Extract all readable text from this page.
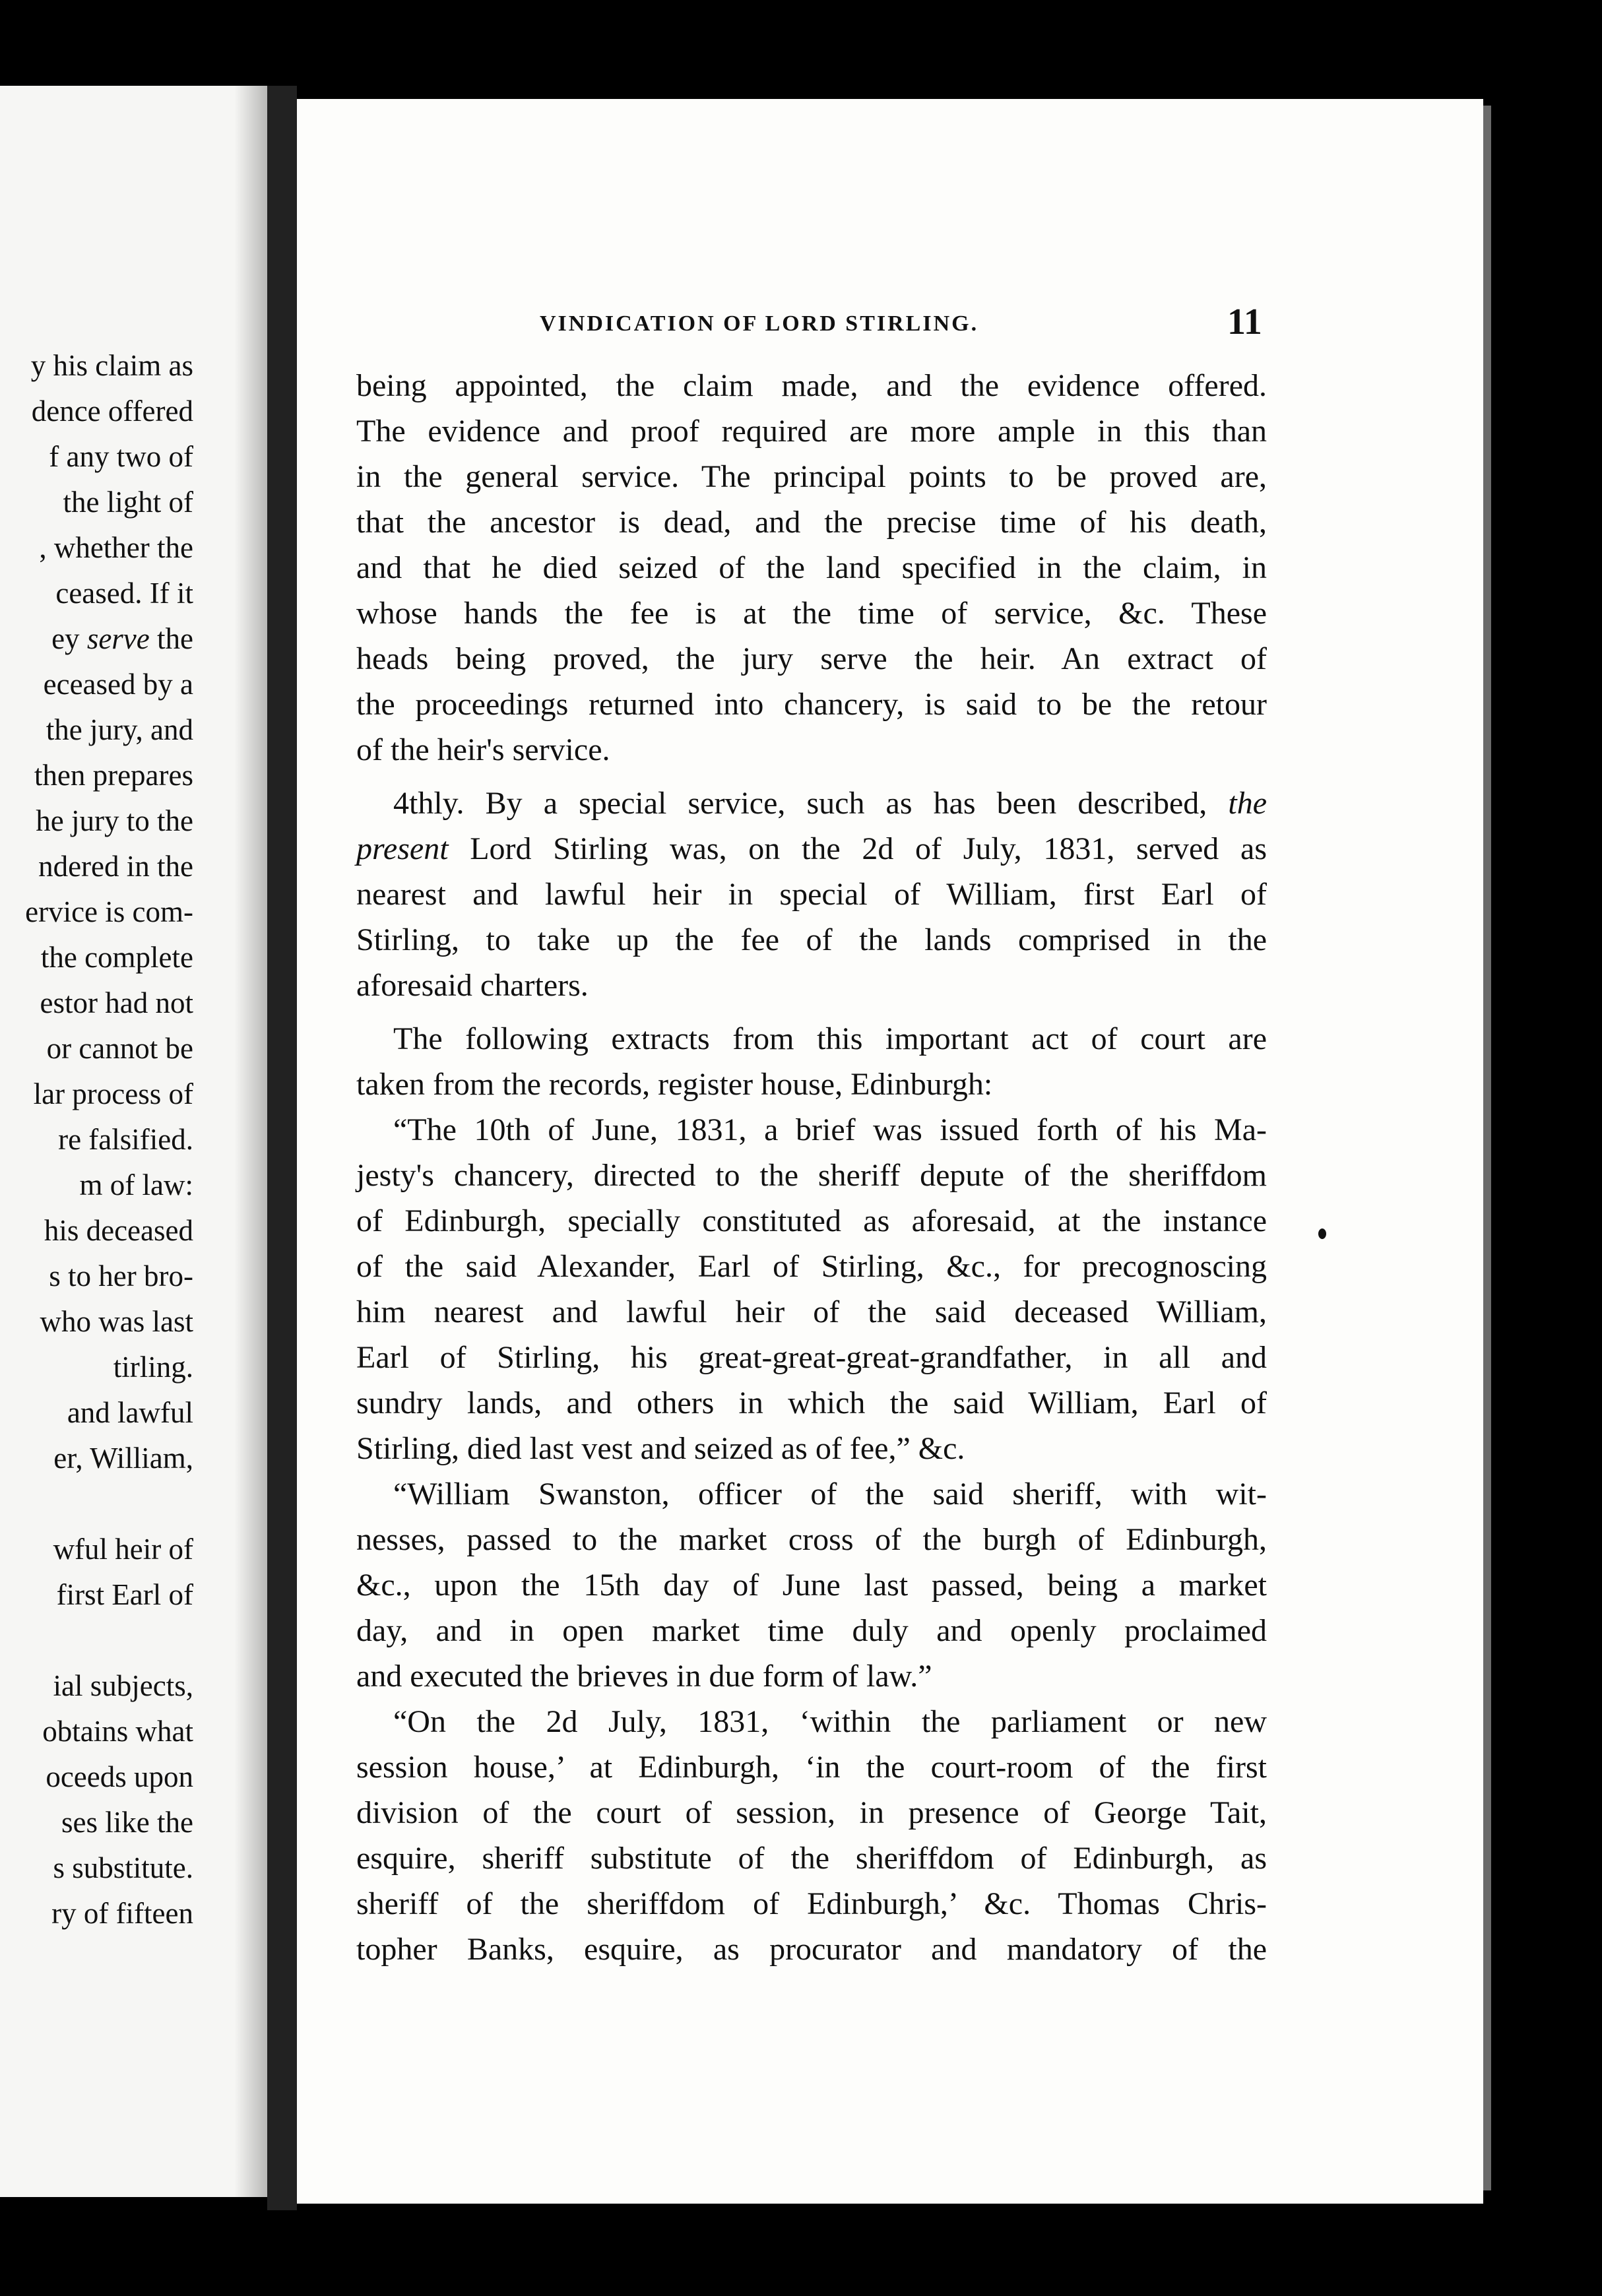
y his claim as
dence offered
f any two of
the light of
, whether the
ceased. If it
ey serve the
eceased by a
the jury, and
then prepares
he jury to the
ndered in the
ervice is com-
the complete
estor had not
or cannot be
lar process of
re falsified.
m of law:
his deceased
s to her bro-
who was last
tirling.
and lawful
er, William,
wful heir of
first Earl of
ial subjects,
obtains what
oceeds upon
ses like the
s substitute.
ry of fifteen
VINDICATION OF LORD STIRLING.	11
being appointed, the claim made, and the evidence offered.
The evidence and proof required are more ample in this than
in the general service. The principal points to be proved are,
that the ancestor is dead, and the precise time of his death,
and that he died seized of the land specified in the claim, in
whose hands the fee is at the time of service, &c. These
heads being proved, the jury serve the heir. An extract of
the proceedings returned into chancery, is said to be the retour
of the heir's service.
4thly. By a special service, such as has been described, the
present Lord Stirling was, on the 2d of July, 1831, served as
nearest and lawful heir in special of William, first Earl of
Stirling, to take up the fee of the lands comprised in the
aforesaid charters.
The following extracts from this important act of court are
taken from the records, register house, Edinburgh:
“The 10th of June, 1831, a brief was issued forth of his Ma-
jesty's chancery, directed to the sheriff depute of the sheriffdom
of Edinburgh, specially constituted as aforesaid, at the instance
of the said Alexander, Earl of Stirling, &c., for precognoscing
him nearest and lawful heir of the said deceased William,
Earl of Stirling, his great-great-great-grandfather, in all and
sundry lands, and others in which the said William, Earl of
Stirling, died last vest and seized as of fee,” &c.
“William Swanston, officer of the said sheriff, with wit-
nesses, passed to the market cross of the burgh of Edinburgh,
&c., upon the 15th day of June last passed, being a market
day, and in open market time duly and openly proclaimed
and executed the brieves in due form of law.”
“On the 2d July, 1831, ‘within the parliament or new
session house,’ at Edinburgh, ‘in the court-room of the first
division of the court of session, in presence of George Tait,
esquire, sheriff substitute of the sheriffdom of Edinburgh, as
sheriff of the sheriffdom of Edinburgh,’ &c. Thomas Chris-
topher Banks, esquire, as procurator and mandatory of the
